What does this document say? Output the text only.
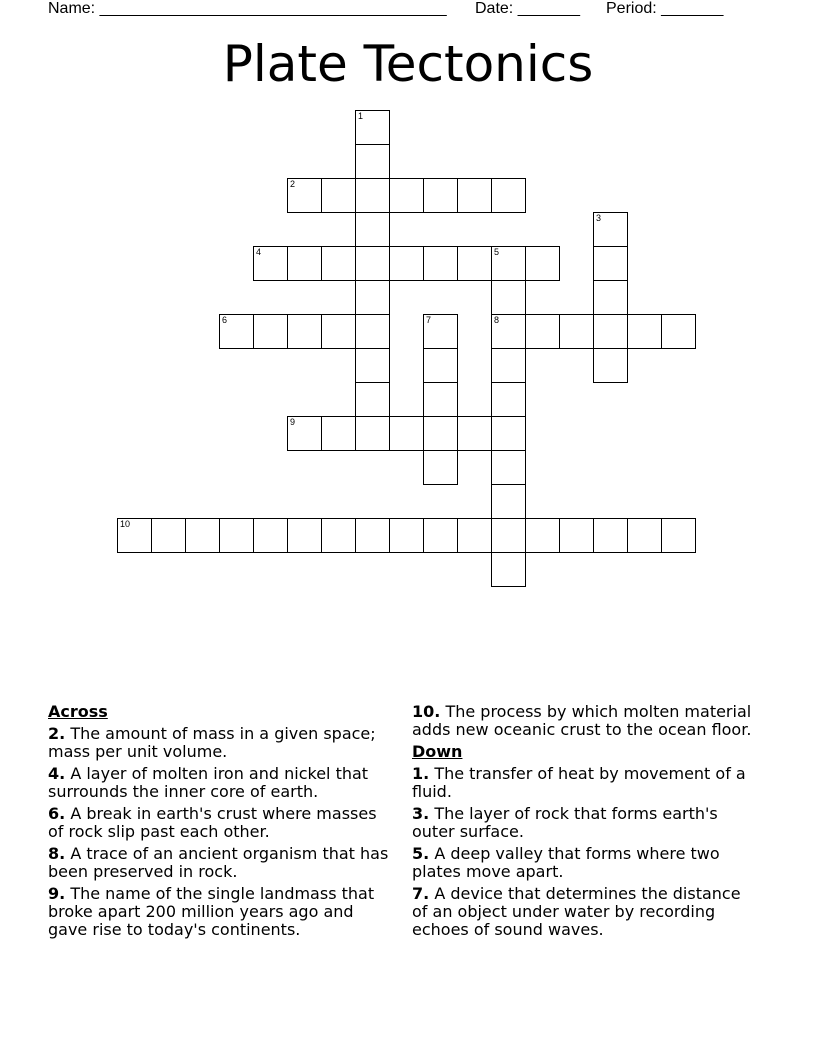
Name: _______________________________________

Date: _______

Period: _______

Plate Tectonics
1
2
3
4	5
8
6	7
9
10
Across
2. The amount of mass in a given space; mass per unit volume.
4. A layer of molten iron and nickel that surrounds the inner core of earth.
6. A break in earth's crust where masses of rock slip past each other.
8. A trace of an ancient organism that has been preserved in rock.
9. The name of the single landmass that broke apart 200 million years ago and gave rise to today's continents.
10. The process by which molten material adds new oceanic crust to the ocean floor.
Down
1. The transfer of heat by movement of a fluid.
3. The layer of rock that forms earth's outer surface.
5. A deep valley that forms where two plates move apart.
7. A device that determines the distance of an object under water by recording echoes of sound waves.
